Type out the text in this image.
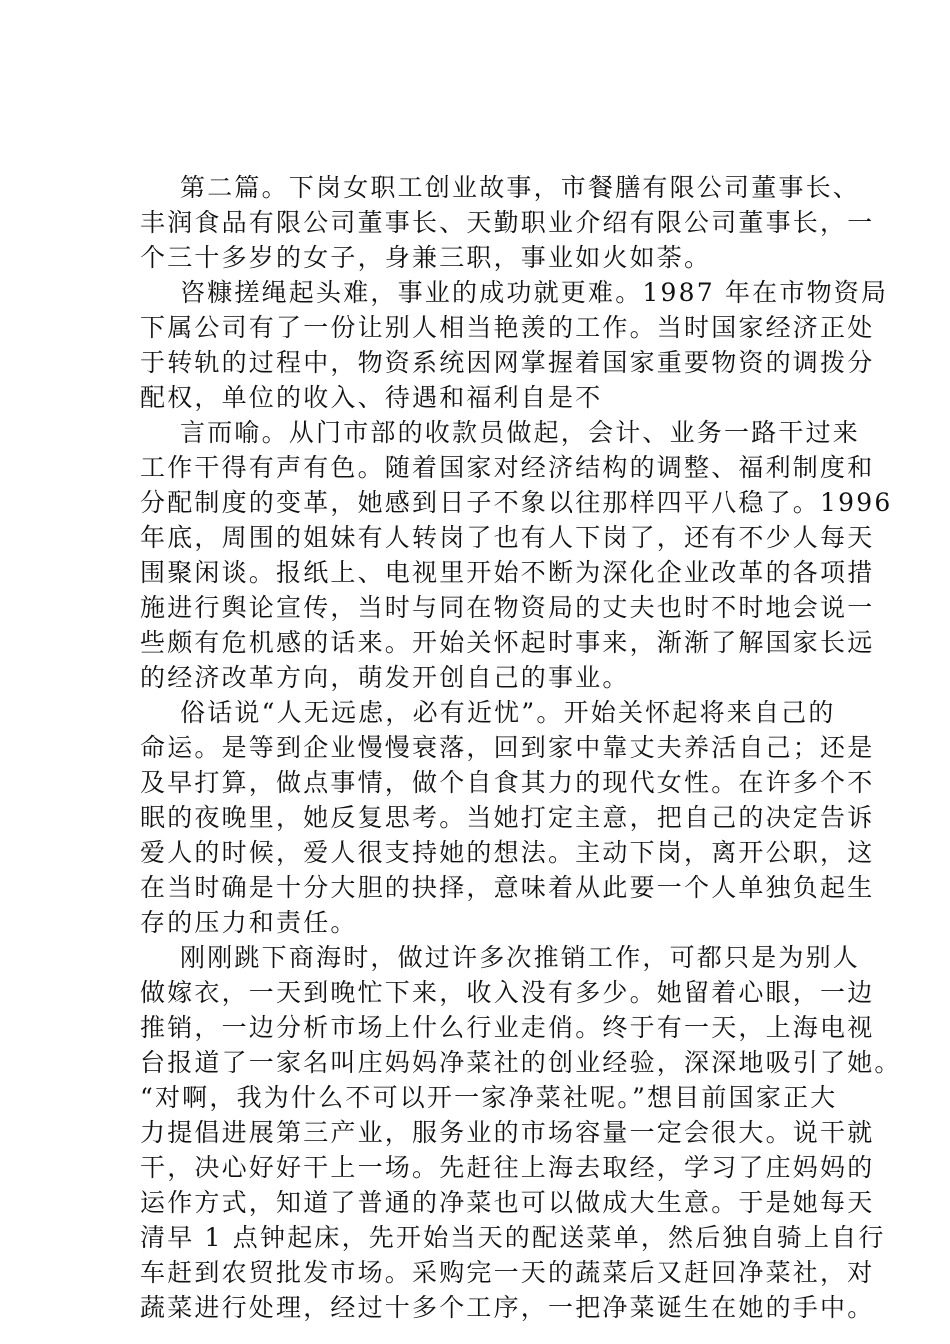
第二篇。下岗女职工创业故事，市餐膳有限公司董事长、
丰润食品有限公司董事长、天勤职业介绍有限公司董事长，一
个三十多岁的女子，身兼三职，事业如火如荼。
咨糠搓绳起头难，事业的成功就更难。1987 年在市物资局
下属公司有了一份让别人相当艳羡的工作。当时国家经济正处
于转轨的过程中，物资系统因网掌握着国家重要物资的调拨分
配权，单位的收入、待遇和福利自是不
言而喻。从门市部的收款员做起，会计、业务一路干过来
工作干得有声有色。随着国家对经济结构的调整、福利制度和
分配制度的变革，她感到日子不象以往那样四平八稳了。1996
年底，周围的姐妹有人转岗了也有人下岗了，还有不少人每天
围聚闲谈。报纸上、电视里开始不断为深化企业改革的各项措
施进行舆论宣传，当时与同在物资局的丈夫也时不时地会说一
些颇有危机感的话来。开始关怀起时事来，渐渐了解国家长远
的经济改革方向，萌发开创自己的事业。
俗话说“人无远虑，必有近忧”。开始关怀起将来自己的
命运。是等到企业慢慢衰落，回到家中靠丈夫养活自己；还是
及早打算，做点事情，做个自食其力的现代女性。在许多个不
眠的夜晚里，她反复思考。当她打定主意，把自己的决定告诉
爱人的时候，爱人很支持她的想法。主动下岗，离开公职，这
在当时确是十分大胆的抉择，意味着从此要一个人单独负起生
存的压力和责任。
刚刚跳下商海时，做过许多次推销工作，可都只是为别人
做嫁衣，一天到晚忙下来，收入没有多少。她留着心眼，一边
推销，一边分析市场上什么行业走俏。终于有一天，上海电视
台报道了一家名叫庄妈妈净菜社的创业经验，深深地吸引了她。
“对啊，我为什么不可以开一家净菜社呢。”想目前国家正大
力提倡进展第三产业，服务业的市场容量一定会很大。说干就
干，决心好好干上一场。先赶往上海去取经，学习了庄妈妈的
运作方式，知道了普通的净菜也可以做成大生意。于是她每天
清早 1 点钟起床，先开始当天的配送菜单，然后独自骑上自行
车赶到农贸批发市场。采购完一天的蔬菜后又赶回净菜社，对
蔬菜进行处理，经过十多个工序，一把净菜诞生在她的手中。
